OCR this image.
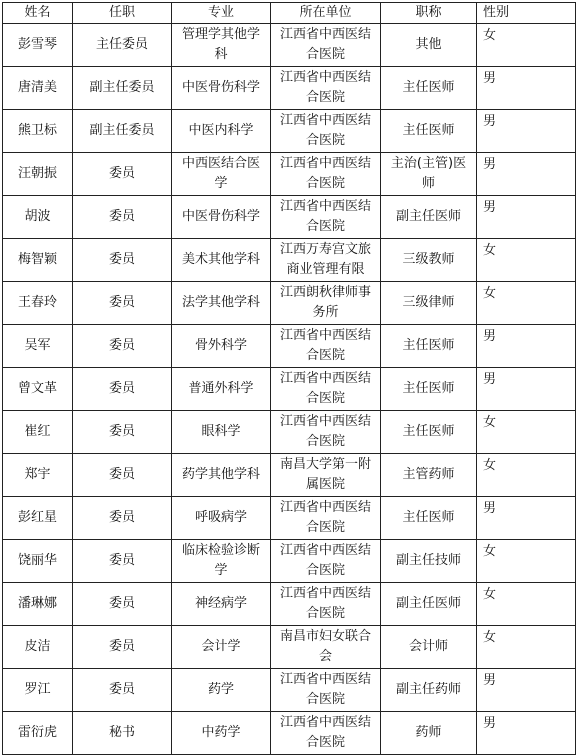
姓名	任职	专业	所在单位	职称	性别
彭雪琴	主任委员	管理学其他学科	江西省中西医结合医院	其他	女
唐清美	副主任委员	中医骨伤科学	江西省中西医结合医院	主任医师	男
熊卫标	副主任委员	中医内科学	江西省中西医结合医院	主任医师	男
汪朝振	委员	中西医结合医学	江西省中西医结合医院	主治(主管)医师	男
胡波	委员	中医骨伤科学	江西省中西医结合医院	副主任医师	男
梅智颖	委员	美术其他学科	江西万寿宫文旅商业管理有限	三级教师	女
王春玲	委员	法学其他学科	江西朗秋律师事务所	三级律师	女
吴军	委员	骨外科学	江西省中西医结合医院	主任医师	男
曾文革	委员	普通外科学	江西省中西医结合医院	主任医师	男
崔红	委员	眼科学	江西省中西医结合医院	主任医师	女
郑宇	委员	药学其他学科	南昌大学第一附属医院	主管药师	女
彭红星	委员	呼吸病学	江西省中西医结合医院	主任医师	男
饶丽华	委员	临床检验诊断学	江西省中西医结合医院	副主任技师	女
潘琳娜	委员	神经病学	江西省中西医结合医院	副主任医师	女
皮洁	委员	会计学	南昌市妇女联合会	会计师	女
罗江	委员	药学	江西省中西医结合医院	副主任药师	男
雷衍虎	秘书	中药学	江西省中西医结合医院	药师	男
